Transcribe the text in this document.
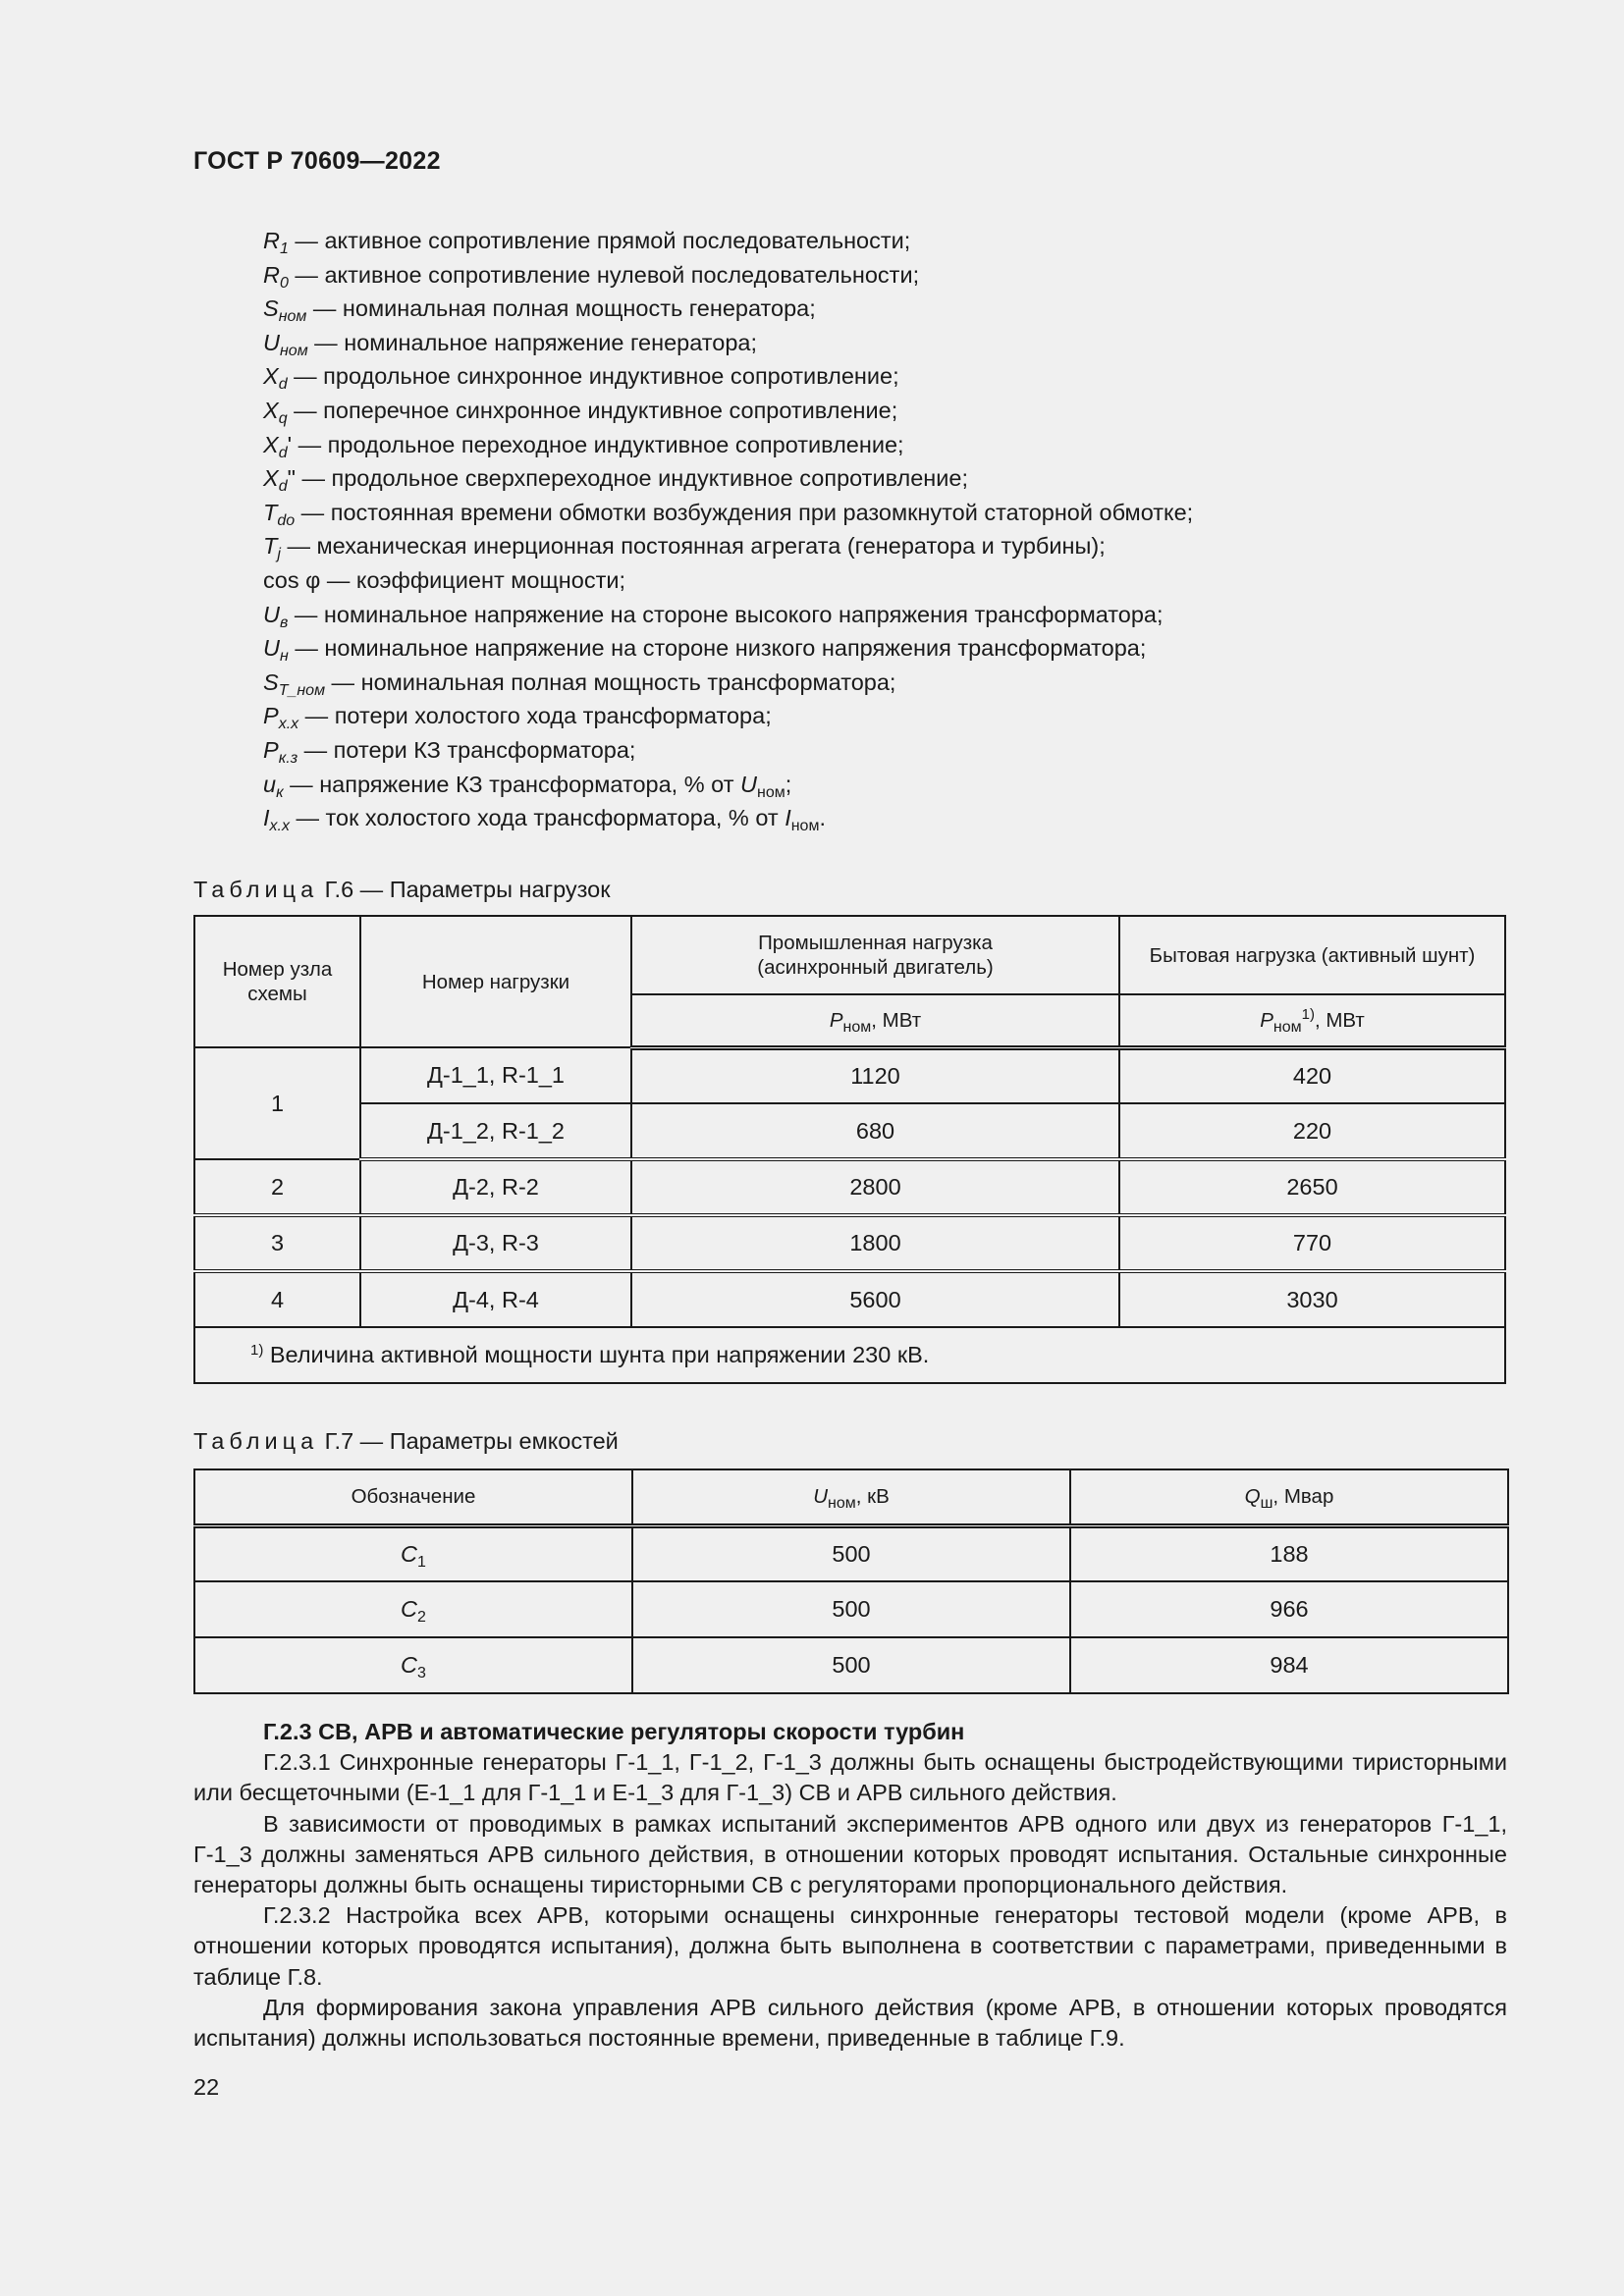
ГОСТ Р 70609—2022
$R_1$ — активное сопротивление прямой последовательности;
$R_0$ — активное сопротивление нулевой последовательности;
$S_{ном}$ — номинальная полная мощность генератора;
$U_{ном}$ — номинальное напряжение генератора;
$X_d$ — продольное синхронное индуктивное сопротивление;
$X_q$ — поперечное синхронное индуктивное сопротивление;
$X_d'$ — продольное переходное индуктивное сопротивление;
$X_d$" — продольное сверхпереходное индуктивное сопротивление;
$T_{do}$ — постоянная времени обмотки возбуждения при разомкнутой статорной обмотке;
$T_j$ — механическая инерционная постоянная агрегата (генератора и турбины);
cos φ — коэффициент мощности;
$U_в$ — номинальное напряжение на стороне высокого напряжения трансформатора;
$U_н$ — номинальное напряжение на стороне низкого напряжения трансформатора;
$S_{Т\_ном}$ — номинальная полная мощность трансформатора;
$P_{х.х}$ — потери холостого хода трансформатора;
$P_{к.з}$ — потери КЗ трансформатора;
$u_к$ — напряжение КЗ трансформатора, % от $U_{ном}$;
$I_{х.х}$ — ток холостого хода трансформатора, % от $I_{ном}$.
Таблица Г.6 — Параметры нагрузок
Номер узла схемы	Номер нагрузки	Промышленная нагрузка (асинхронный двигатель)	Бытовая нагрузка (активный шунт)
		$P_{ном}$, МВт	$P_{ном}^{1)}$, МВт
1	Д-1_1, R-1_1	1120	420
	Д-1_2, R-1_2	680	220
2	Д-2, R-2	2800	2650
3	Д-3, R-3	1800	770
4	Д-4, R-4	5600	3030
$^{1)}$ Величина активной мощности шунта при напряжении 230 кВ.			
Таблица Г.7 — Параметры емкостей
Обозначение	$U_{ном}$, кВ	$Q_ш$, Мвар
$C_1$	500	188
$C_2$	500	966
$C_3$	500	984

Г.2.3 СВ, АРВ и автоматические регуляторы скорости турбин

Г.2.3.1 Синхронные генераторы Г-1_1, Г-1_2, Г-1_3 должны быть оснащены быстродействующими тиристорными или бесщеточными (Е-1_1 для Г-1_1 и Е-1_3 для Г-1_3) СВ и АРВ сильного действия.

В зависимости от проводимых в рамках испытаний экспериментов АРВ одного или двух из генераторов Г-1_1, Г-1_3 должны заменяться АРВ сильного действия, в отношении которых проводят испытания. Остальные синхронные генераторы должны быть оснащены тиристорными СВ с регуляторами пропорционального действия.

Г.2.3.2 Настройка всех АРВ, которыми оснащены синхронные генераторы тестовой модели (кроме АРВ, в отношении которых проводятся испытания), должна быть выполнена в соответствии с параметрами, приведенными в таблице Г.8.

Для формирования закона управления АРВ сильного действия (кроме АРВ, в отношении которых проводятся испытания) должны использоваться постоянные времени, приведенные в таблице Г.9.

22
